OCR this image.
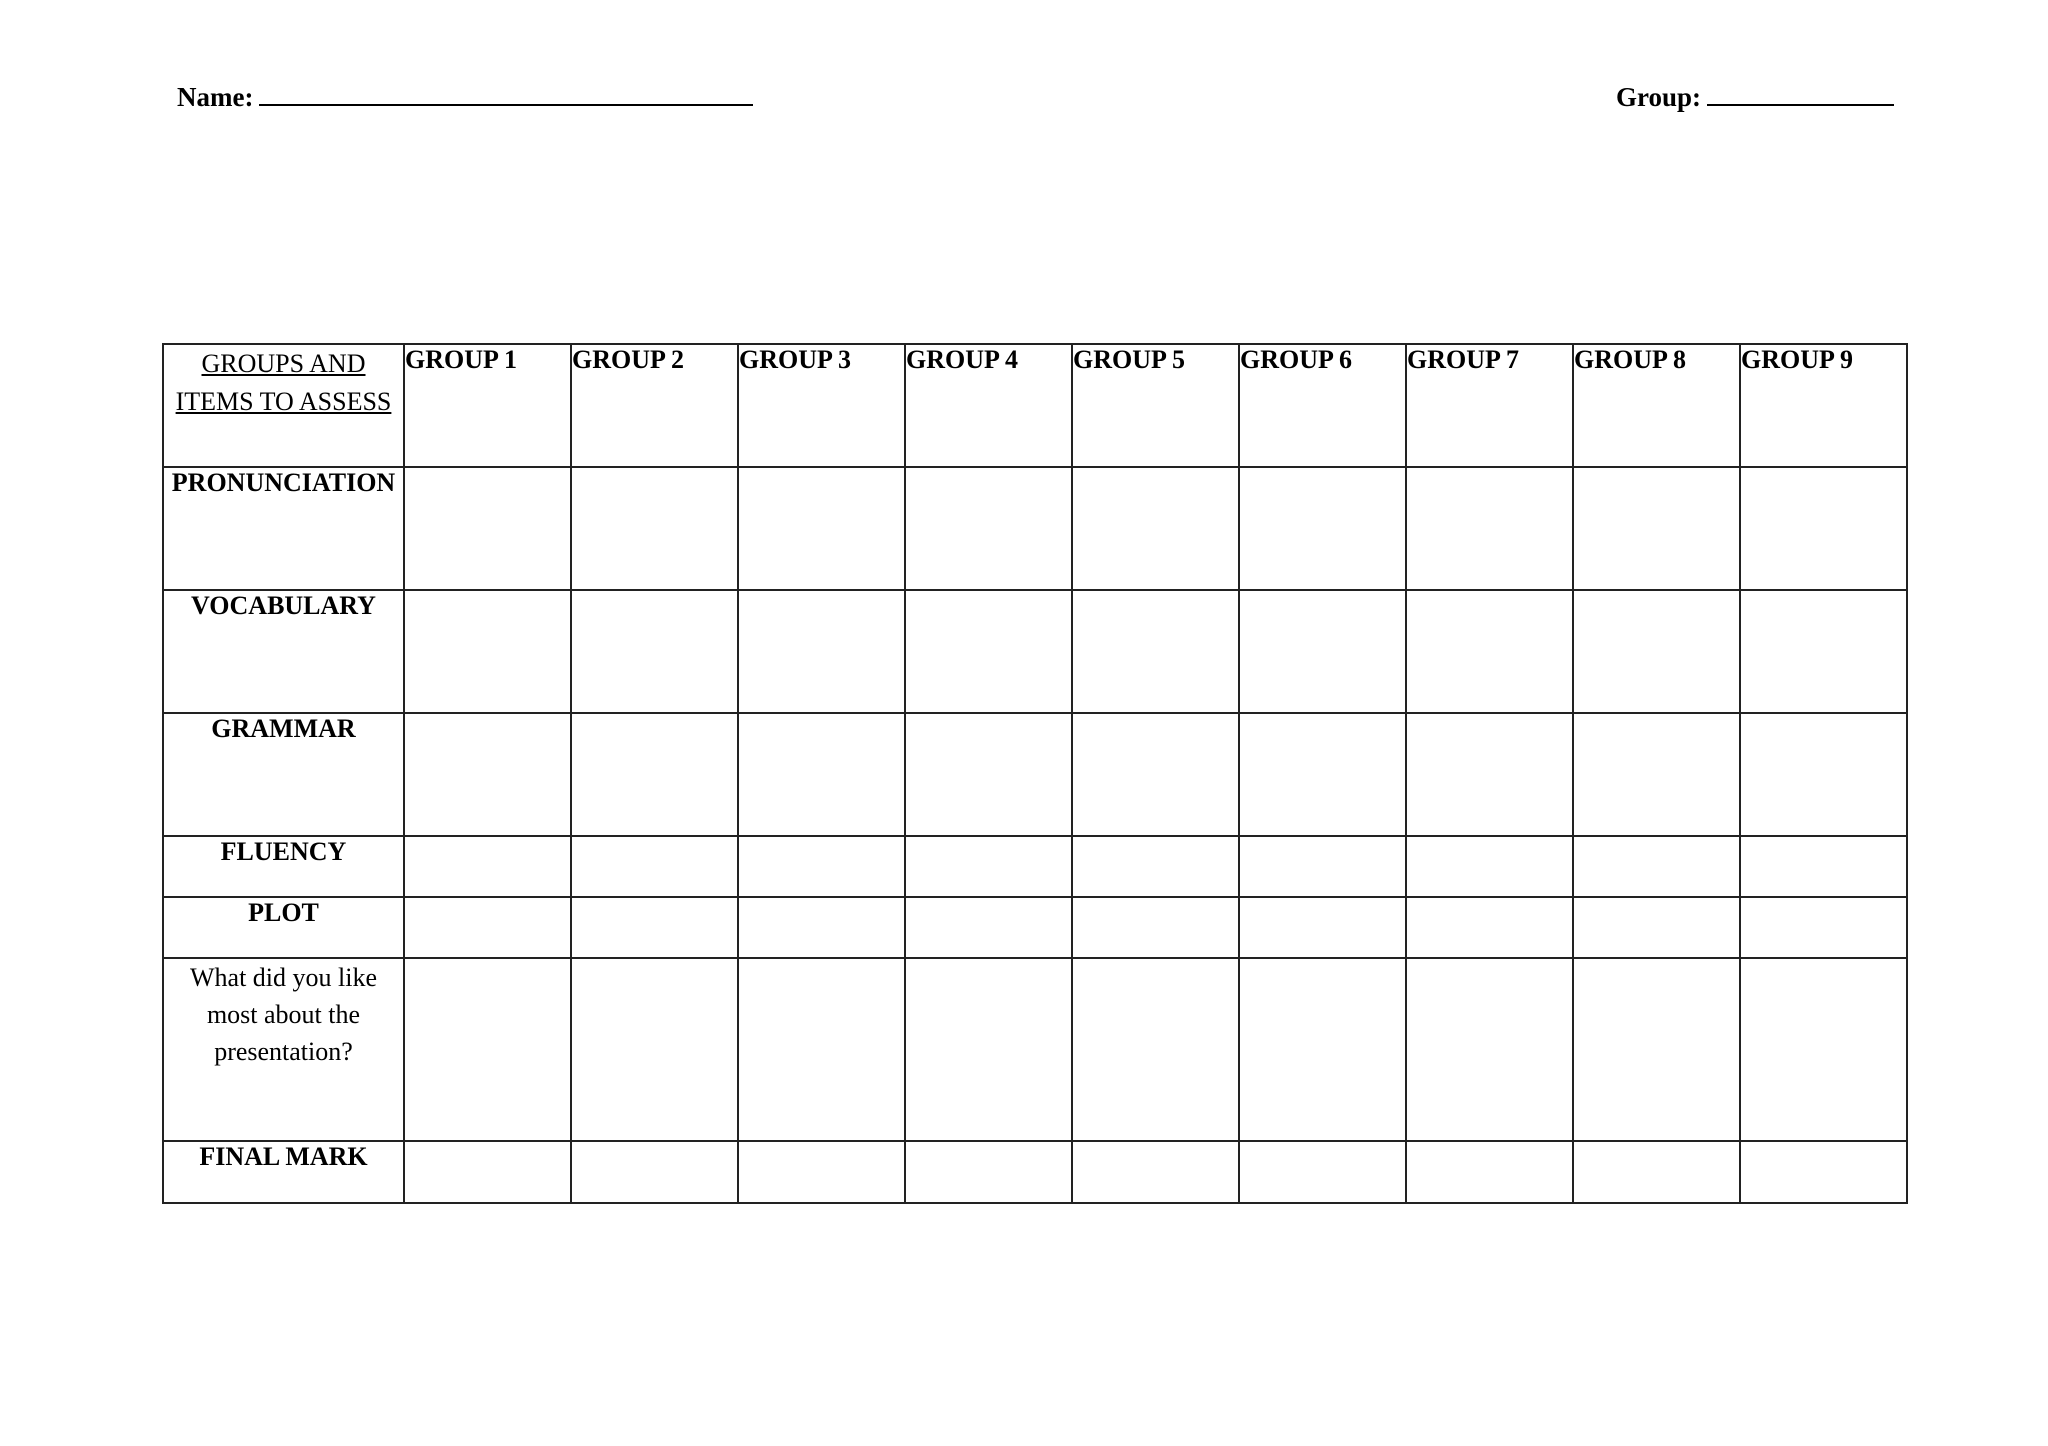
Name:	Group:
GROUPS AND ITEMS TO ASSESS	GROUP 1	GROUP 2	GROUP 3	GROUP 4	GROUP 5	GROUP 6	GROUP 7	GROUP 8	GROUP 9
PRONUNCIATION									
VOCABULARY									
GRAMMAR									
FLUENCY									
PLOT									
What did you like most about the presentation?									
FINAL MARK									
